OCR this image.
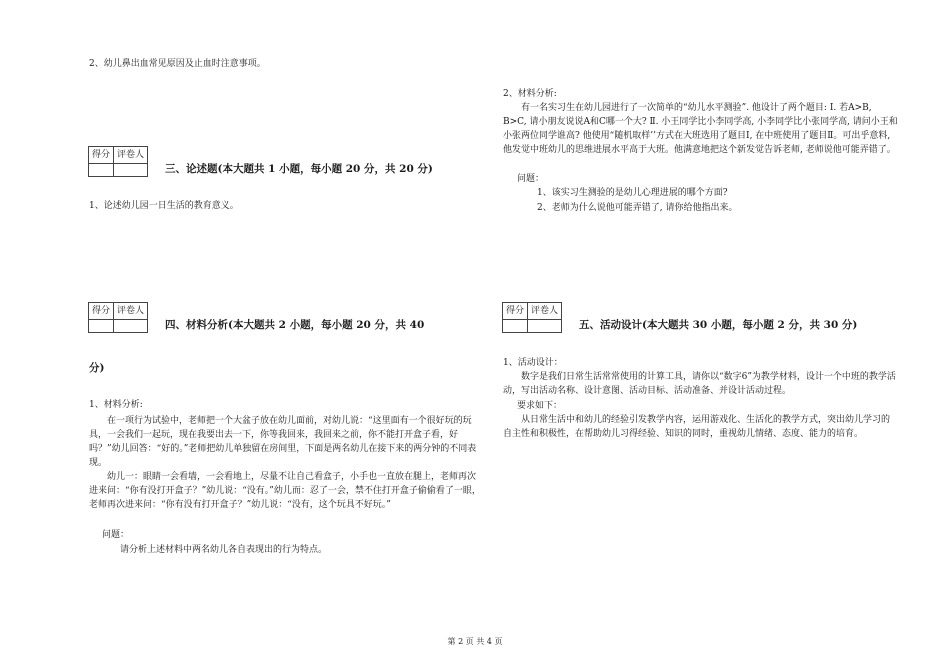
2、幼儿鼻出血常见原因及止血时注意事项。
得分	评卷人

三、论述题(本大题共 1 小题，每小题 20 分，共 20 分)
1、论述幼儿园一日生活的教育意义。
得分	评卷人

四、材料分析(本大题共 2 小题，每小题 20 分，共 40
分)
1、材料分析:

在一项行为试验中，老师把一个大盆子放在幼儿面前，对幼儿说：“这里面有一个很好玩的玩具，一会我们一起玩，现在我要出去一下，你等我回来，我回来之前，你不能打开盒子看，好吗？”幼儿回答：“好的。”老师把幼儿单独留在房间里，下面是两名幼儿在接下来的两分钟的不同表现。

幼儿一：眼睛一会看墙，一会看地上，尽量不让自己看盒子，小手也一直放在腿上，老师再次进来问：“你有没打开盒子？”幼儿说：“没有。”幼儿而：忍了一会，禁不住打开盒子偷偷看了一眼，老师再次进来问：“你有没有打开盒子？”幼儿说：“没有，这个玩具不好玩。”

问题：
请分析上述材料中两名幼儿各自表现出的行为特点。
2、材料分析:

有一名实习生在幼儿园进行了一次简单的“幼儿水平测验”. 他设计了两个题目: Ⅰ. 若A>B, B>C, 请小朋友说说A和C哪一个大? Ⅱ. 小王同学比小李同学高, 小李同学比小张同学高, 请问小王和小张两位同学谁高? 他使用“随机取样’’方式在大班选用了题目Ⅰ, 在中班使用了题目Ⅱ。可出乎意料, 他发觉中班幼儿的思维进展水平高于大班。他满意地把这个新发觉告诉老师, 老师说他可能弄错了。

问题：
1、该实习生测验的是幼儿心理进展的哪个方面?
2、老师为什么说他可能弄错了, 请你给他指出来。
得分	评卷人

五、活动设计(本大题共 30 小题，每小题 2 分，共 30 分)
1、活动设计：

数字是我们日常生活常常使用的计算工具，请你以“数字6”为教学材料，设计一个中班的教学活动，写出活动名称、设计意图、活动目标、活动准备、并设计活动过程。

要求如下：

从日常生活中和幼儿的经验引发教学内容，运用游戏化、生活化的教学方式，突出幼儿学习的自主性和积极性，在帮助幼儿习得经验、知识的同时，重视幼儿情绪、态度、能力的培育。

第 2 页 共 4 页
